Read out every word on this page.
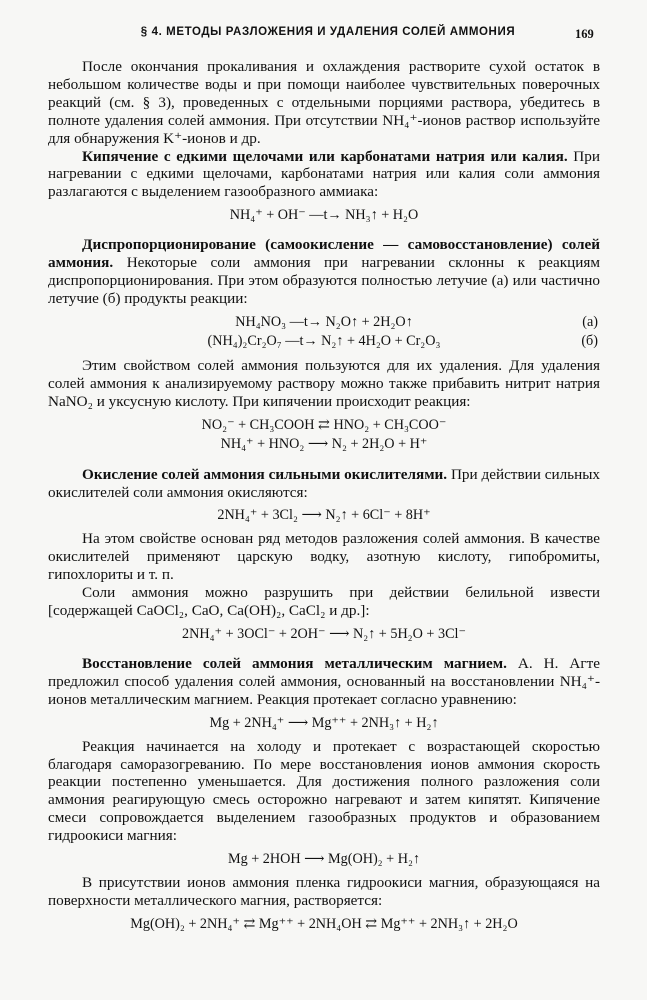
§ 4. МЕТОДЫ РАЗЛОЖЕНИЯ И УДАЛЕНИЯ СОЛЕЙ АММОНИЯ	169

После окончания прокаливания и охлаждения растворите сухой остаток в небольшом количестве воды и при помощи наиболее чувствительных поверочных реакций (см. § 3), проведенных с отдельными порциями раствора, убедитесь в полноте удаления солей аммония. При отсутствии NH₄⁺-ионов раствор используйте для обнаружения K⁺-ионов и др.

Кипячение с едкими щелочами или карбонатами натрия или калия. При нагревании с едкими щелочами, карбонатами натрия или калия соли аммония разлагаются с выделением газообразного аммиака:

NH₄⁺ + OH⁻ —t→ NH₃↑ + H₂O

Диспропорционирование (самоокисление — самовосстановление) солей аммония. Некоторые соли аммония при нагревании склонны к реакциям диспропорционирования. При этом образуются полностью летучие (а) или частично летучие (б) продукты реакции:

NH₄NO₃ —t→ N₂O↑ + 2H₂O↑	(а)
(NH₄)₂Cr₂O₇ —t→ N₂↑ + 4H₂O + Cr₂O₃	(б)

Этим свойством солей аммония пользуются для их удаления. Для удаления солей аммония к анализируемому раствору можно также прибавить нитрит натрия NaNO₂ и уксусную кислоту. При кипячении происходит реакция:

NO₂⁻ + CH₃COOH ⇄ HNO₂ + CH₃COO⁻
NH₄⁺ + HNO₂ ⟶ N₂ + 2H₂O + H⁺

Окисление солей аммония сильными окислителями. При действии сильных окислителей соли аммония окисляются:

2NH₄⁺ + 3Cl₂ ⟶ N₂↑ + 6Cl⁻ + 8H⁺

На этом свойстве основан ряд методов разложения солей аммония. В качестве окислителей применяют царскую водку, азотную кислоту, гипобромиты, гипохлориты и т. п.

Соли аммония можно разрушить при действии белильной извести [содержащей CaOCl₂, CaO, Ca(OH)₂, CaCl₂ и др.]:

2NH₄⁺ + 3OCl⁻ + 2OH⁻ ⟶ N₂↑ + 5H₂O + 3Cl⁻

Восстановление солей аммония металлическим магнием. А. Н. Агте предложил способ удаления солей аммония, основанный на восстановлении NH₄⁺-ионов металлическим магнием. Реакция протекает согласно уравнению:

Mg + 2NH₄⁺ ⟶ Mg⁺⁺ + 2NH₃↑ + H₂↑

Реакция начинается на холоду и протекает с возрастающей скоростью благодаря саморазогреванию. По мере восстановления ионов аммония скорость реакции постепенно уменьшается. Для достижения полного разложения соли аммония реагирующую смесь осторожно нагревают и затем кипятят. Кипячение смеси сопровождается выделением газообразных продуктов и образованием гидроокиси магния:

Mg + 2HOH ⟶ Mg(OH)₂ + H₂↑

В присутствии ионов аммония пленка гидроокиси магния, образующаяся на поверхности металлического магния, растворяется:

Mg(OH)₂ + 2NH₄⁺ ⇄ Mg⁺⁺ + 2NH₄OH ⇄ Mg⁺⁺ + 2NH₃↑ + 2H₂O
